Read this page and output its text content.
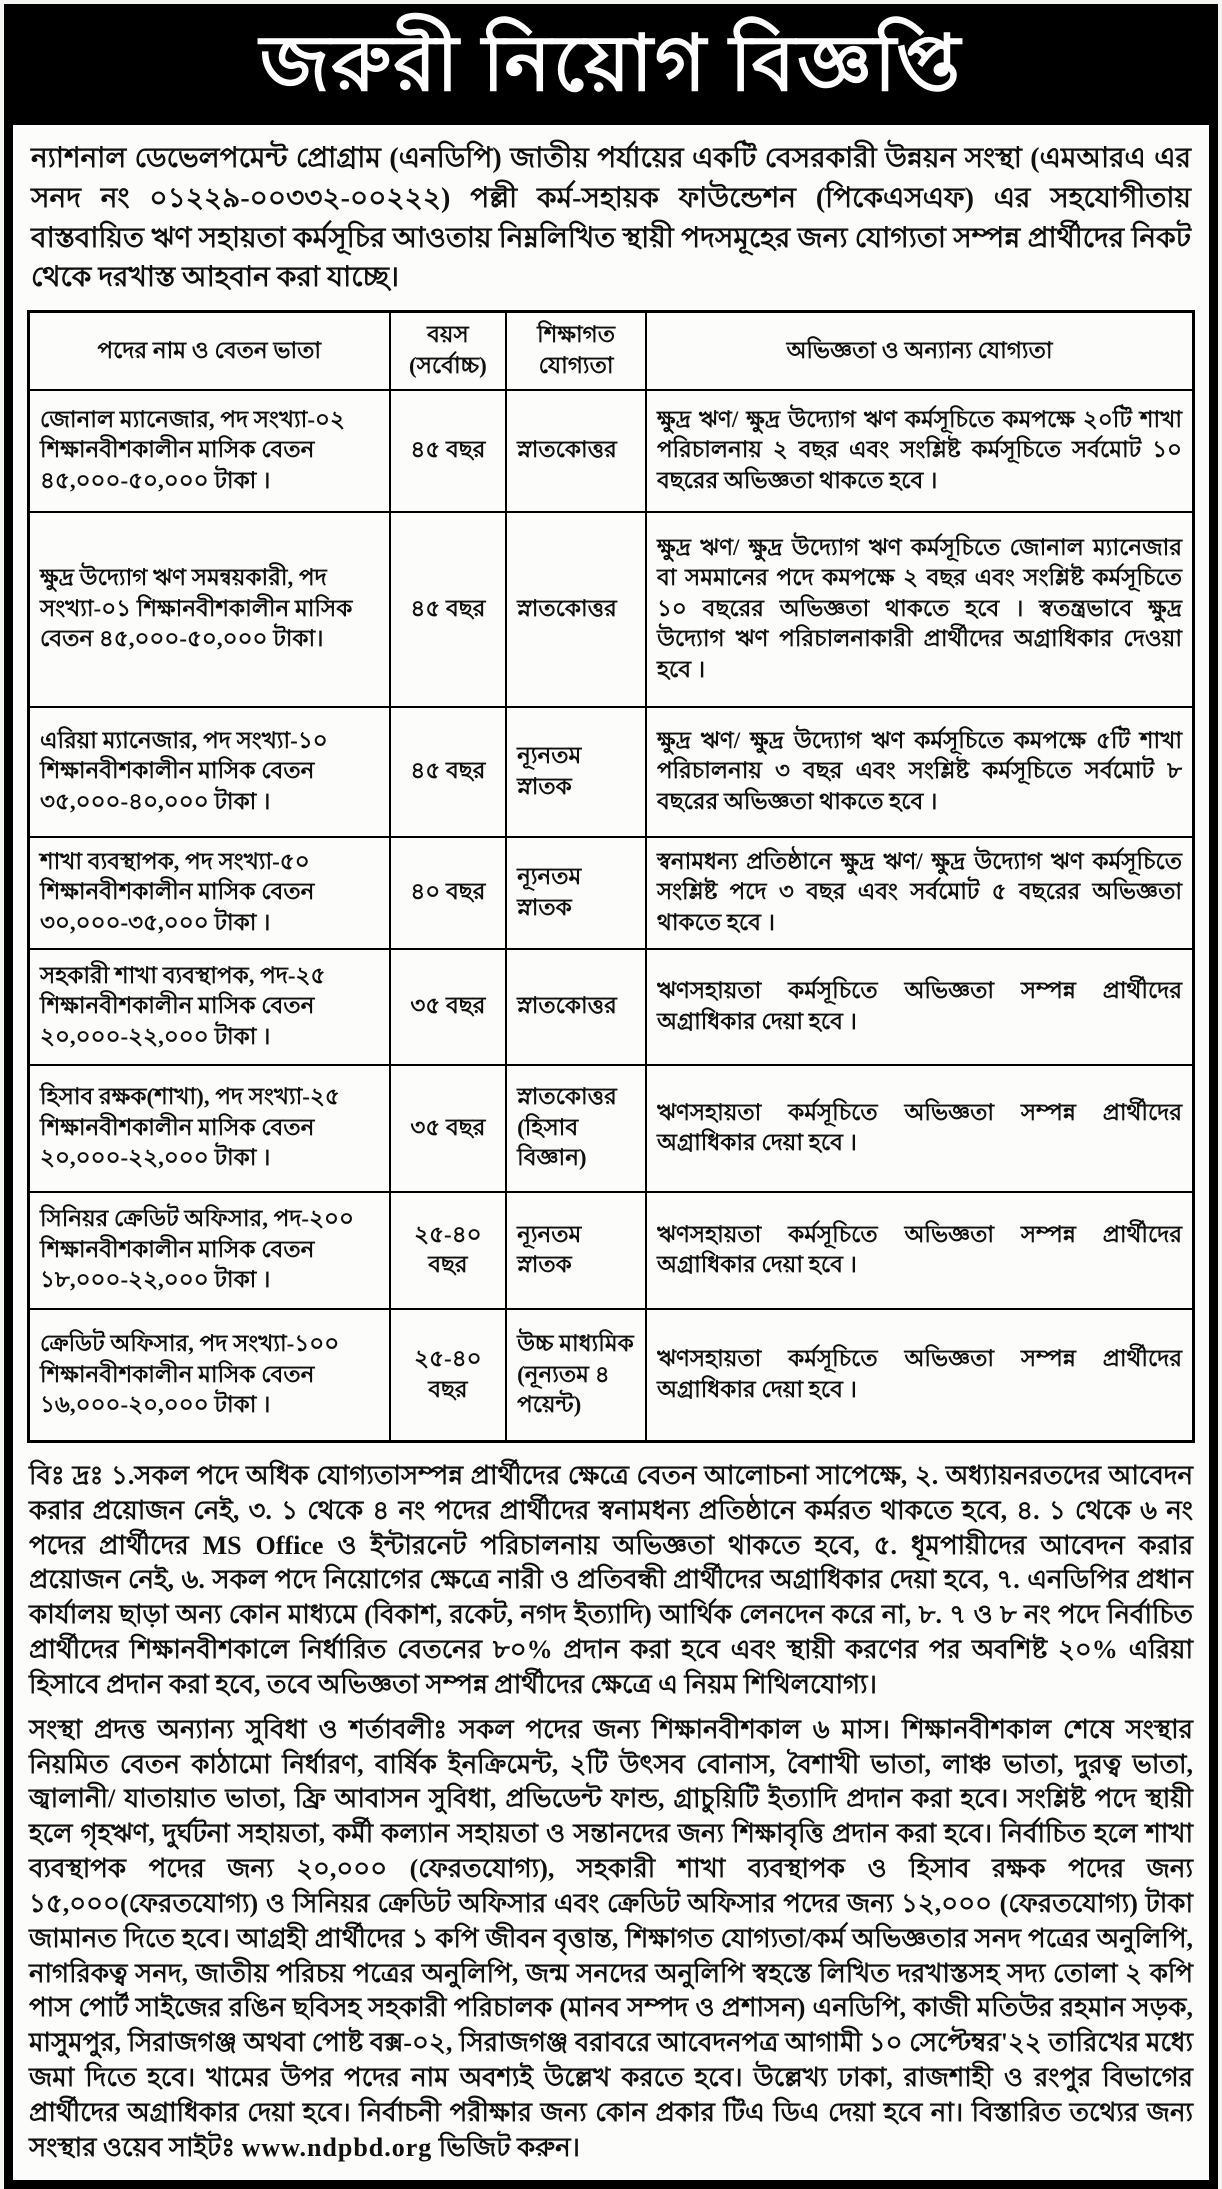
জরুরী নিয়োগ বিজ্ঞপ্তি

ন্যাশনাল ডেভেলপমেন্ট প্রোগ্রাম (এনডিপি) জাতীয় পর্যায়ের একটি বেসরকারী উন্নয়ন সংস্থা (এমআরএ এর সনদ নং ০১২২৯-০০৩৩২-০০২২২) পল্লী কর্ম-সহায়ক ফাউন্ডেশন (পিকেএসএফ) এর সহযোগীতায় বাস্তবায়িত ঋণ সহায়তা কর্মসূচির আওতায় নিম্নলিখিত স্থায়ী পদসমূহের জন্য যোগ্যতা সম্পন্ন প্রার্থীদের নিকট থেকে দরখাস্ত আহবান করা যাচ্ছে।

পদের নাম ও বেতন ভাতা	বয়স (সর্বোচ্চ)	শিক্ষাগত যোগ্যতা	অভিজ্ঞতা ও অন্যান্য যোগ্যতা
জোনাল ম্যানেজার, পদ সংখ্যা-০২ শিক্ষানবীশকালীন মাসিক বেতন ৪৫,০০০-৫০,০০০ টাকা ।	৪৫ বছর	স্নাতকোত্তর	ক্ষুদ্র ঋণ/ ক্ষুদ্র উদ্যোগ ঋণ কর্মসূচিতে কমপক্ষে ২০টি শাখা পরিচালনায় ২ বছর এবং সংশ্লিষ্ট কর্মসূচিতে সর্বমোট ১০ বছরের অভিজ্ঞতা থাকতে হবে ।
ক্ষুদ্র উদ্যোগ ঋণ সমন্বয়কারী, পদ সংখ্যা-০১ শিক্ষানবীশকালীন মাসিক বেতন ৪৫,০০০-৫০,০০০ টাকা।	৪৫ বছর	স্নাতকোত্তর	ক্ষুদ্র ঋণ/ ক্ষুদ্র উদ্যোগ ঋণ কর্মসূচিতে জোনাল ম্যানেজার বা সমমানের পদে কমপক্ষে ২ বছর এবং সংশ্লিষ্ট কর্মসূচিতে ১০ বছরের অভিজ্ঞতা থাকতে হবে । স্বতন্ত্রভাবে ক্ষুদ্র উদ্যোগ ঋণ পরিচালনাকারী প্রার্থীদের অগ্রাধিকার দেওয়া হবে ।
এরিয়া ম্যানেজার, পদ সংখ্যা-১০ শিক্ষানবীশকালীন মাসিক বেতন ৩৫,০০০-৪০,০০০ টাকা ।	৪৫ বছর	ন্যূনতম স্নাতক	ক্ষুদ্র ঋণ/ ক্ষুদ্র উদ্যোগ ঋণ কর্মসূচিতে কমপক্ষে ৫টি শাখা পরিচালনায় ৩ বছর এবং সংশ্লিষ্ট কর্মসূচিতে সর্বমোট ৮ বছরের অভিজ্ঞতা থাকতে হবে ।
শাখা ব্যবস্থাপক, পদ সংখ্যা-৫০ শিক্ষানবীশকালীন মাসিক বেতন ৩০,০০০-৩৫,০০০ টাকা ।	৪০ বছর	ন্যূনতম স্নাতক	স্বনামধন্য প্রতিষ্ঠানে ক্ষুদ্র ঋণ/ ক্ষুদ্র উদ্যোগ ঋণ কর্মসূচিতে সংশ্লিষ্ট পদে ৩ বছর এবং সর্বমোট ৫ বছরের অভিজ্ঞতা থাকতে হবে ।
সহকারী শাখা ব্যবস্থাপক, পদ-২৫ শিক্ষানবীশকালীন মাসিক বেতন ২০,০০০-২২,০০০ টাকা ।	৩৫ বছর	স্নাতকোত্তর	ঋণসহায়তা কর্মসূচিতে অভিজ্ঞতা সম্পন্ন প্রার্থীদের অগ্রাধিকার দেয়া হবে ।
হিসাব রক্ষক(শাখা), পদ সংখ্যা-২৫ শিক্ষানবীশকালীন মাসিক বেতন ২০,০০০-২২,০০০ টাকা ।	৩৫ বছর	স্নাতকোত্তর (হিসাব বিজ্ঞান)	ঋণসহায়তা কর্মসূচিতে অভিজ্ঞতা সম্পন্ন প্রার্থীদের অগ্রাধিকার দেয়া হবে ।
সিনিয়র ক্রেডিট অফিসার, পদ-২০০ শিক্ষানবীশকালীন মাসিক বেতন ১৮,০০০-২২,০০০ টাকা ।	২৫-৪০ বছর	ন্যূনতম স্নাতক	ঋণসহায়তা কর্মসূচিতে অভিজ্ঞতা সম্পন্ন প্রার্থীদের অগ্রাধিকার দেয়া হবে ।
ক্রেডিট অফিসার, পদ সংখ্যা-১০০ শিক্ষানবীশকালীন মাসিক বেতন ১৬,০০০-২০,০০০ টাকা ।	২৫-৪০ বছর	উচ্চ মাধ্যমিক (নূন্যতম ৪ পয়েন্ট)	ঋণসহায়তা কর্মসূচিতে অভিজ্ঞতা সম্পন্ন প্রার্থীদের অগ্রাধিকার দেয়া হবে ।

বিঃ দ্রঃ ১.সকল পদে অধিক যোগ্যতাসম্পন্ন প্রার্থীদের ক্ষেত্রে বেতন আলোচনা সাপেক্ষে, ২. অধ্যায়নরতদের আবেদন করার প্রয়োজন নেই, ৩. ১ থেকে ৪ নং পদের প্রার্থীদের স্বনামধন্য প্রতিষ্ঠানে কর্মরত থাকতে হবে, ৪. ১ থেকে ৬ নং পদের প্রার্থীদের MS Office ও ইন্টারনেট পরিচালনায় অভিজ্ঞতা থাকতে হবে, ৫. ধূমপায়ীদের আবেদন করার প্রয়োজন নেই, ৬. সকল পদে নিয়োগের ক্ষেত্রে নারী ও প্রতিবন্ধী প্রার্থীদের অগ্রাধিকার দেয়া হবে, ৭. এনডিপির প্রধান কার্যালয় ছাড়া অন্য কোন মাধ্যমে (বিকাশ, রকেট, নগদ ইত্যাদি) আর্থিক লেনদেন করে না, ৮. ৭ ও ৮ নং পদে নির্বাচিত প্রার্থীদের শিক্ষানবীশকালে নির্ধারিত বেতনের ৮০% প্রদান করা হবে এবং স্থায়ী করণের পর অবশিষ্ট ২০% এরিয়া হিসাবে প্রদান করা হবে, তবে অভিজ্ঞতা সম্পন্ন প্রার্থীদের ক্ষেত্রে এ নিয়ম শিথিলযোগ্য।

সংস্থা প্রদত্ত অন্যান্য সুবিধা ও শর্তাবলীঃ সকল পদের জন্য শিক্ষানবীশকাল ৬ মাস। শিক্ষানবীশকাল শেষে সংস্থার নিয়মিত বেতন কাঠামো নির্ধারণ, বার্ষিক ইনক্রিমেন্ট, ২টি উৎসব বোনাস, বৈশাখী ভাতা, লাঞ্চ ভাতা, দুরত্ব ভাতা, জ্বালানী/ যাতায়াত ভাতা, ফ্রি আবাসন সুবিধা, প্রভিডেন্ট ফান্ড, গ্রাচুয়িটি ইত্যাদি প্রদান করা হবে। সংশ্লিষ্ট পদে স্থায়ী হলে গৃহঋণ, দুর্ঘটনা সহায়তা, কর্মী কল্যান সহায়তা ও সন্তানদের জন্য শিক্ষাবৃত্তি প্রদান করা হবে। নির্বাচিত হলে শাখা ব্যবস্থাপক পদের জন্য ২০,০০০ (ফেরতযোগ্য), সহকারী শাখা ব্যবস্থাপক ও হিসাব রক্ষক পদের জন্য ১৫,০০০(ফেরতযোগ্য) ও সিনিয়র ক্রেডিট অফিসার এবং ক্রেডিট অফিসার পদের জন্য ১২,০০০ (ফেরতযোগ্য) টাকা জামানত দিতে হবে। আগ্রহী প্রার্থীদের ১ কপি জীবন বৃত্তান্ত, শিক্ষাগত যোগ্যতা/কর্ম অভিজ্ঞতার সনদ পত্রের অনুলিপি, নাগরিকত্ব সনদ, জাতীয় পরিচয় পত্রের অনুলিপি, জন্ম সনদের অনুলিপি স্বহস্তে লিখিত দরখাস্তসহ সদ্য তোলা ২ কপি পাস পোর্ট সাইজের রঙিন ছবিসহ সহকারী পরিচালক (মানব সম্পদ ও প্রশাসন) এনডিপি, কাজী মতিউর রহমান সড়ক, মাসুমপুর, সিরাজগঞ্জ অথবা পোষ্ট বক্স-০২, সিরাজগঞ্জ বরাবরে আবেদনপত্র আগামী ১০ সেপ্টেম্বর'২২ তারিখের মধ্যে জমা দিতে হবে। খামের উপর পদের নাম অবশ্যই উল্লেখ করতে হবে। উল্লেখ্য ঢাকা, রাজশাহী ও রংপুর বিভাগের প্রার্থীদের অগ্রাধিকার দেয়া হবে। নির্বাচনী পরীক্ষার জন্য কোন প্রকার টিএ ডিএ দেয়া হবে না। বিস্তারিত তথ্যের জন্য সংস্থার ওয়েব সাইটঃ www.ndpbd.org ভিজিট করুন।
